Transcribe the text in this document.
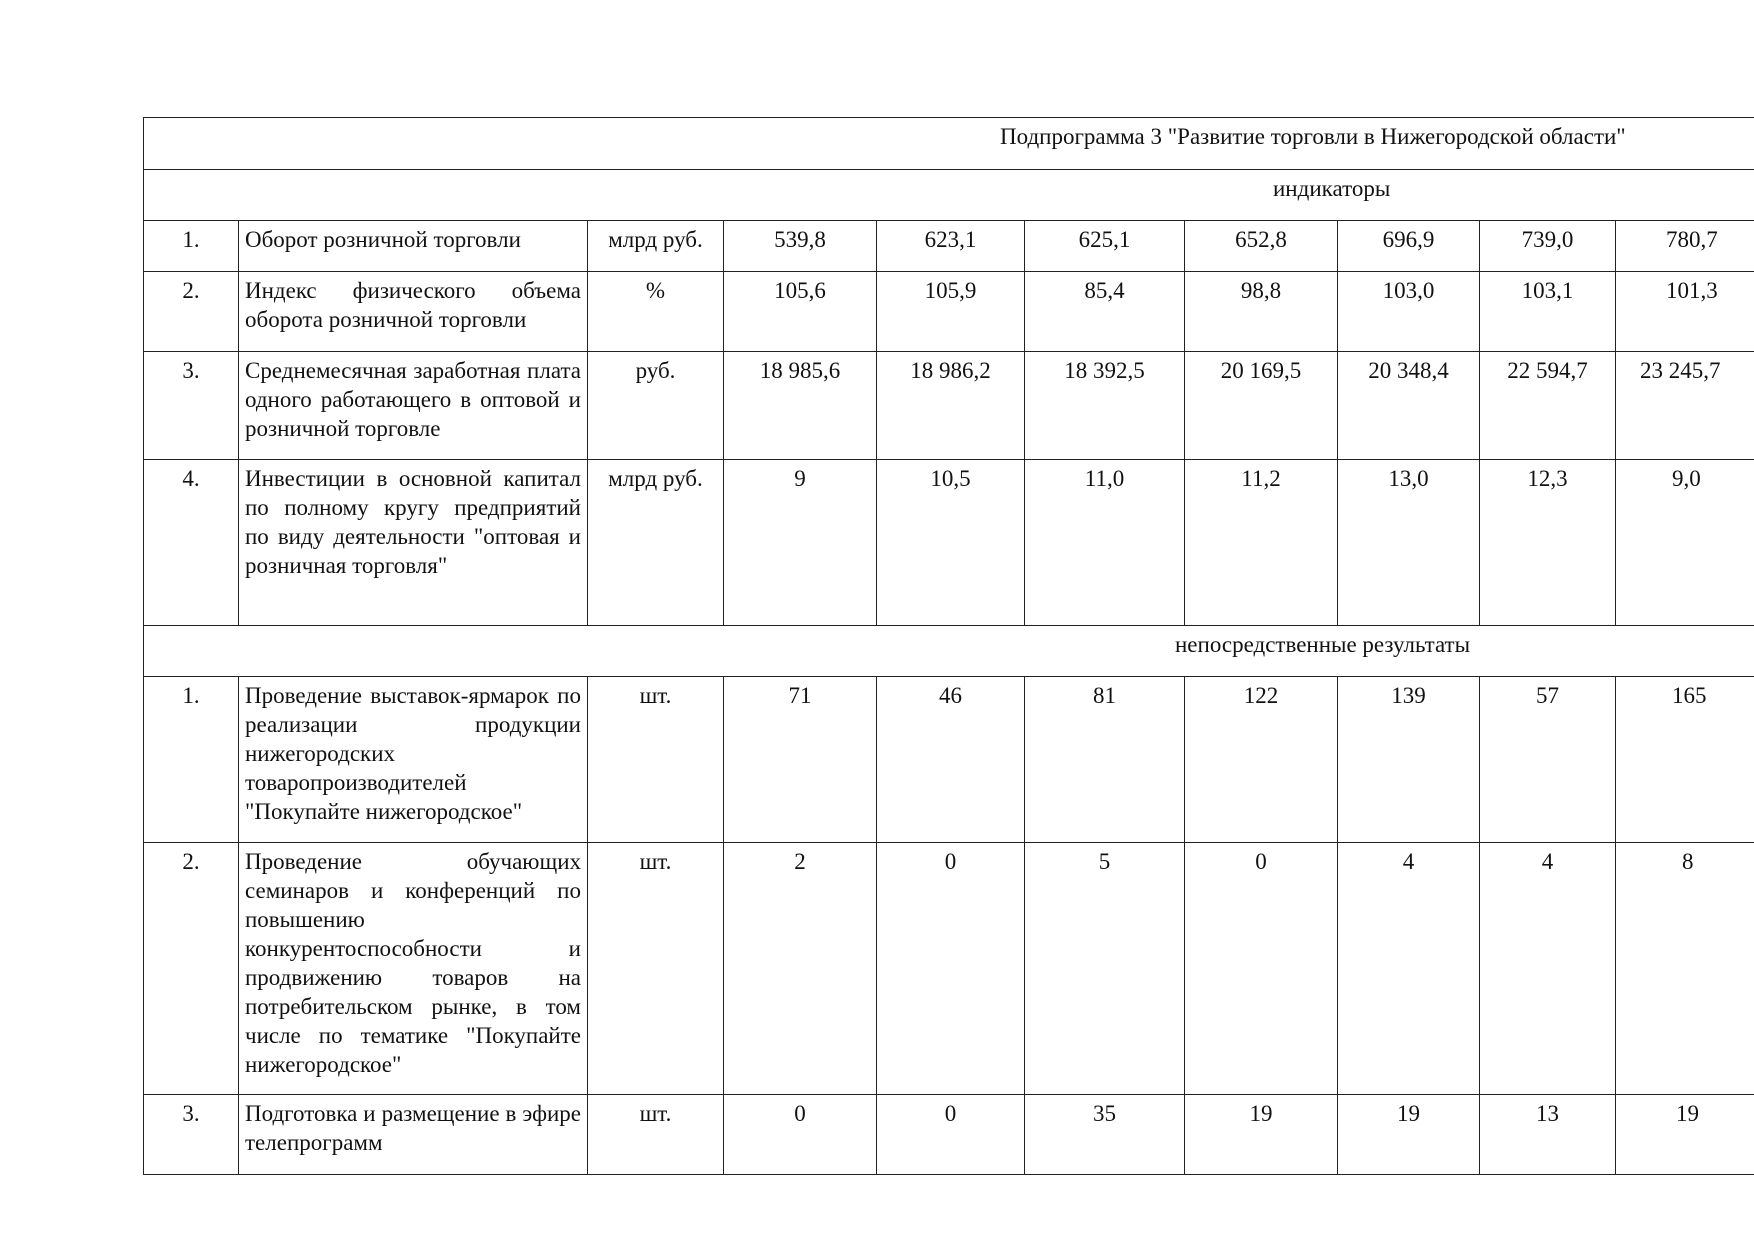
Подпрограмма 3 "Развитие торговли в Нижегородской области"									
индикаторы									
1.	Оборот розничной торговли	млрд руб.	539,8	623,1	625,1	652,8	696,9	739,0	780,7
2.	Индекс физического объема оборота розничной торговли	%	105,6	105,9	85,4	98,8	103,0	103,1	101,3
3.	Среднемесячная заработная плата одного работающего в оптовой и розничной торговле	руб.	18 985,6	18 986,2	18 392,5	20 169,5	20 348,4	22 594,7	23 245,7
4.	Инвестиции в основной капитал по полному кругу предприятий по виду деятельности "оптовая и розничная торговля"	млрд руб.	9	10,5	11,0	11,2	13,0	12,3	9,0
непосредственные результаты									
1.	Проведение выставок-ярмарок по реализации продукции нижегородских товаропроизводителей "Покупайте нижегородское"	шт.	71	46	81	122	139	57	165
2.	Проведение обучающих семинаров и конференций по повышению конкурентоспособности и продвижению товаров на потребительском рынке, в том числе по тематике "Покупайте нижегородское"	шт.	2	0	5	0	4	4	8
3.	Подготовка и размещение в эфире телепрограмм	шт.	0	0	35	19	19	13	19
